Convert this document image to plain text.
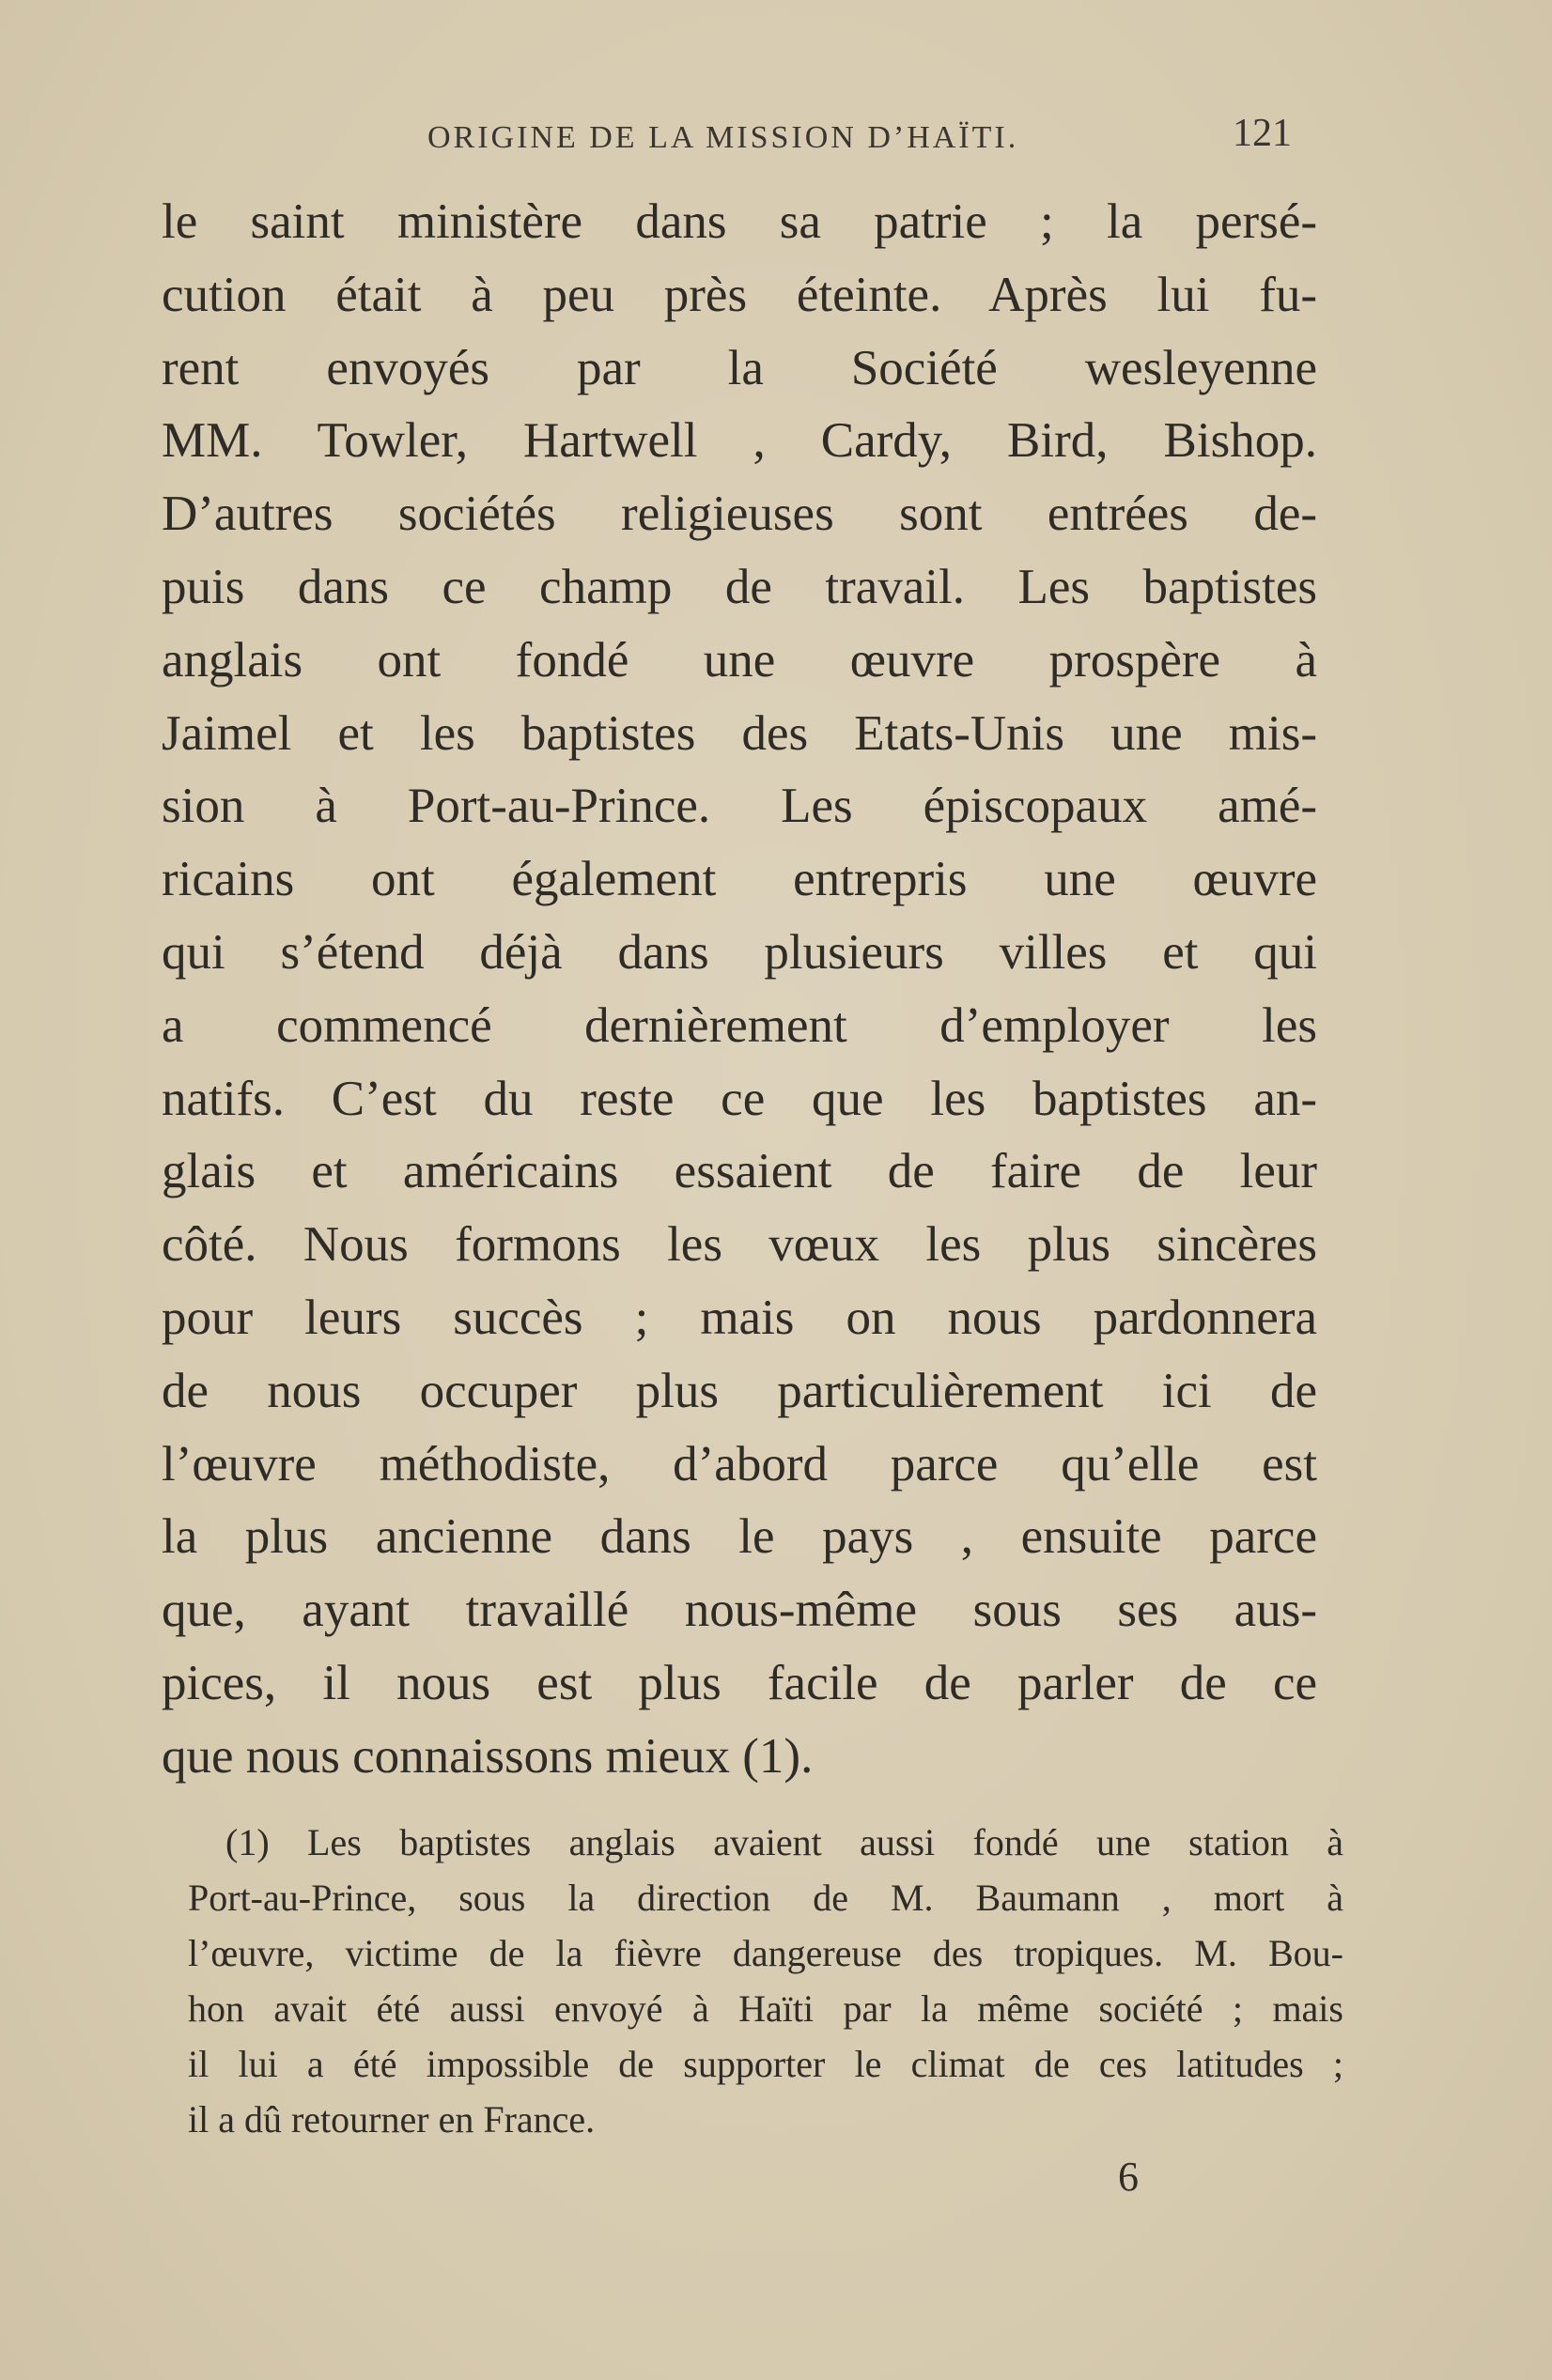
ORIGINE DE LA MISSION D’HAÏTI.	121
le saint ministère dans sa patrie ; la persé-
cution était à peu près éteinte. Après lui fu-
rent envoyés par la Société wesleyenne
MM. Towler, Hartwell , Cardy, Bird, Bishop.
D’autres sociétés religieuses sont entrées de-
puis dans ce champ de travail. Les baptistes
anglais ont fondé une œuvre prospère à
Jaimel et les baptistes des Etats-Unis une mis-
sion à Port-au-Prince. Les épiscopaux amé-
ricains ont également entrepris une œuvre
qui s’étend déjà dans plusieurs villes et qui
a commencé dernièrement d’employer les
natifs. C’est du reste ce que les baptistes an-
glais et américains essaient de faire de leur
côté. Nous formons les vœux les plus sincères
pour leurs succès ; mais on nous pardonnera
de nous occuper plus particulièrement ici de
l’œuvre méthodiste, d’abord parce qu’elle est
la plus ancienne dans le pays , ensuite parce
que, ayant travaillé nous-même sous ses aus-
pices, il nous est plus facile de parler de ce
que nous connaissons mieux (1).
(1) Les baptistes anglais avaient aussi fondé une station à
Port-au-Prince, sous la direction de M. Baumann , mort à
l’œuvre, victime de la fièvre dangereuse des tropiques. M. Bou-
hon avait été aussi envoyé à Haïti par la même société ; mais
il lui a été impossible de supporter le climat de ces latitudes ;
il a dû retourner en France.
6
